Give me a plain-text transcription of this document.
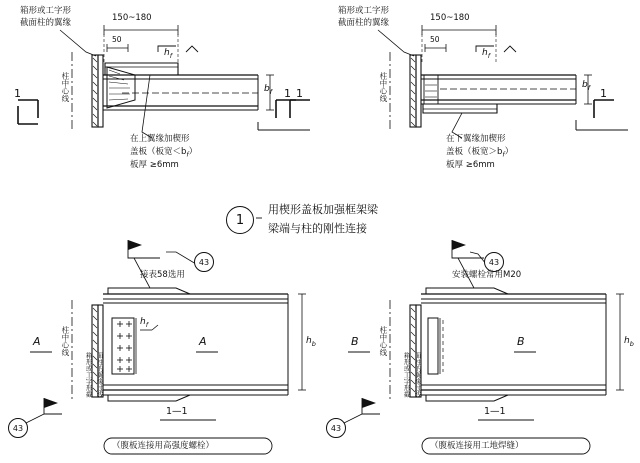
箱形或工字形
截面柱的翼缘	150~180
50
$h_f$
$b_f$
1	1
柱中心线
在上翼缘加楔形
盖板（板宽$<b_f$）
板厚 ≥6mm
箱形或工字形
截面柱的翼缘	150~180
50
$h_f$
$b_f$
1	1
柱中心线
在下翼缘加楔形
盖板（板宽$>b_f$）
板厚 ≥6mm
1
用楔形盖板加强框架梁
梁端与柱的刚性连接
43
接表58选用
柱中心线
箱形或工字形截 面柱的翼缘过线
$h_f$
A	A	$h_b$
43
1—1
（腹板连接用高强度螺栓）
43
安装螺栓常用M20
柱中心线
箱形或工字形截 面柱的翼缘过线
B	B	$h_b$
43
1—1
（腹板连接用工地焊缝）
